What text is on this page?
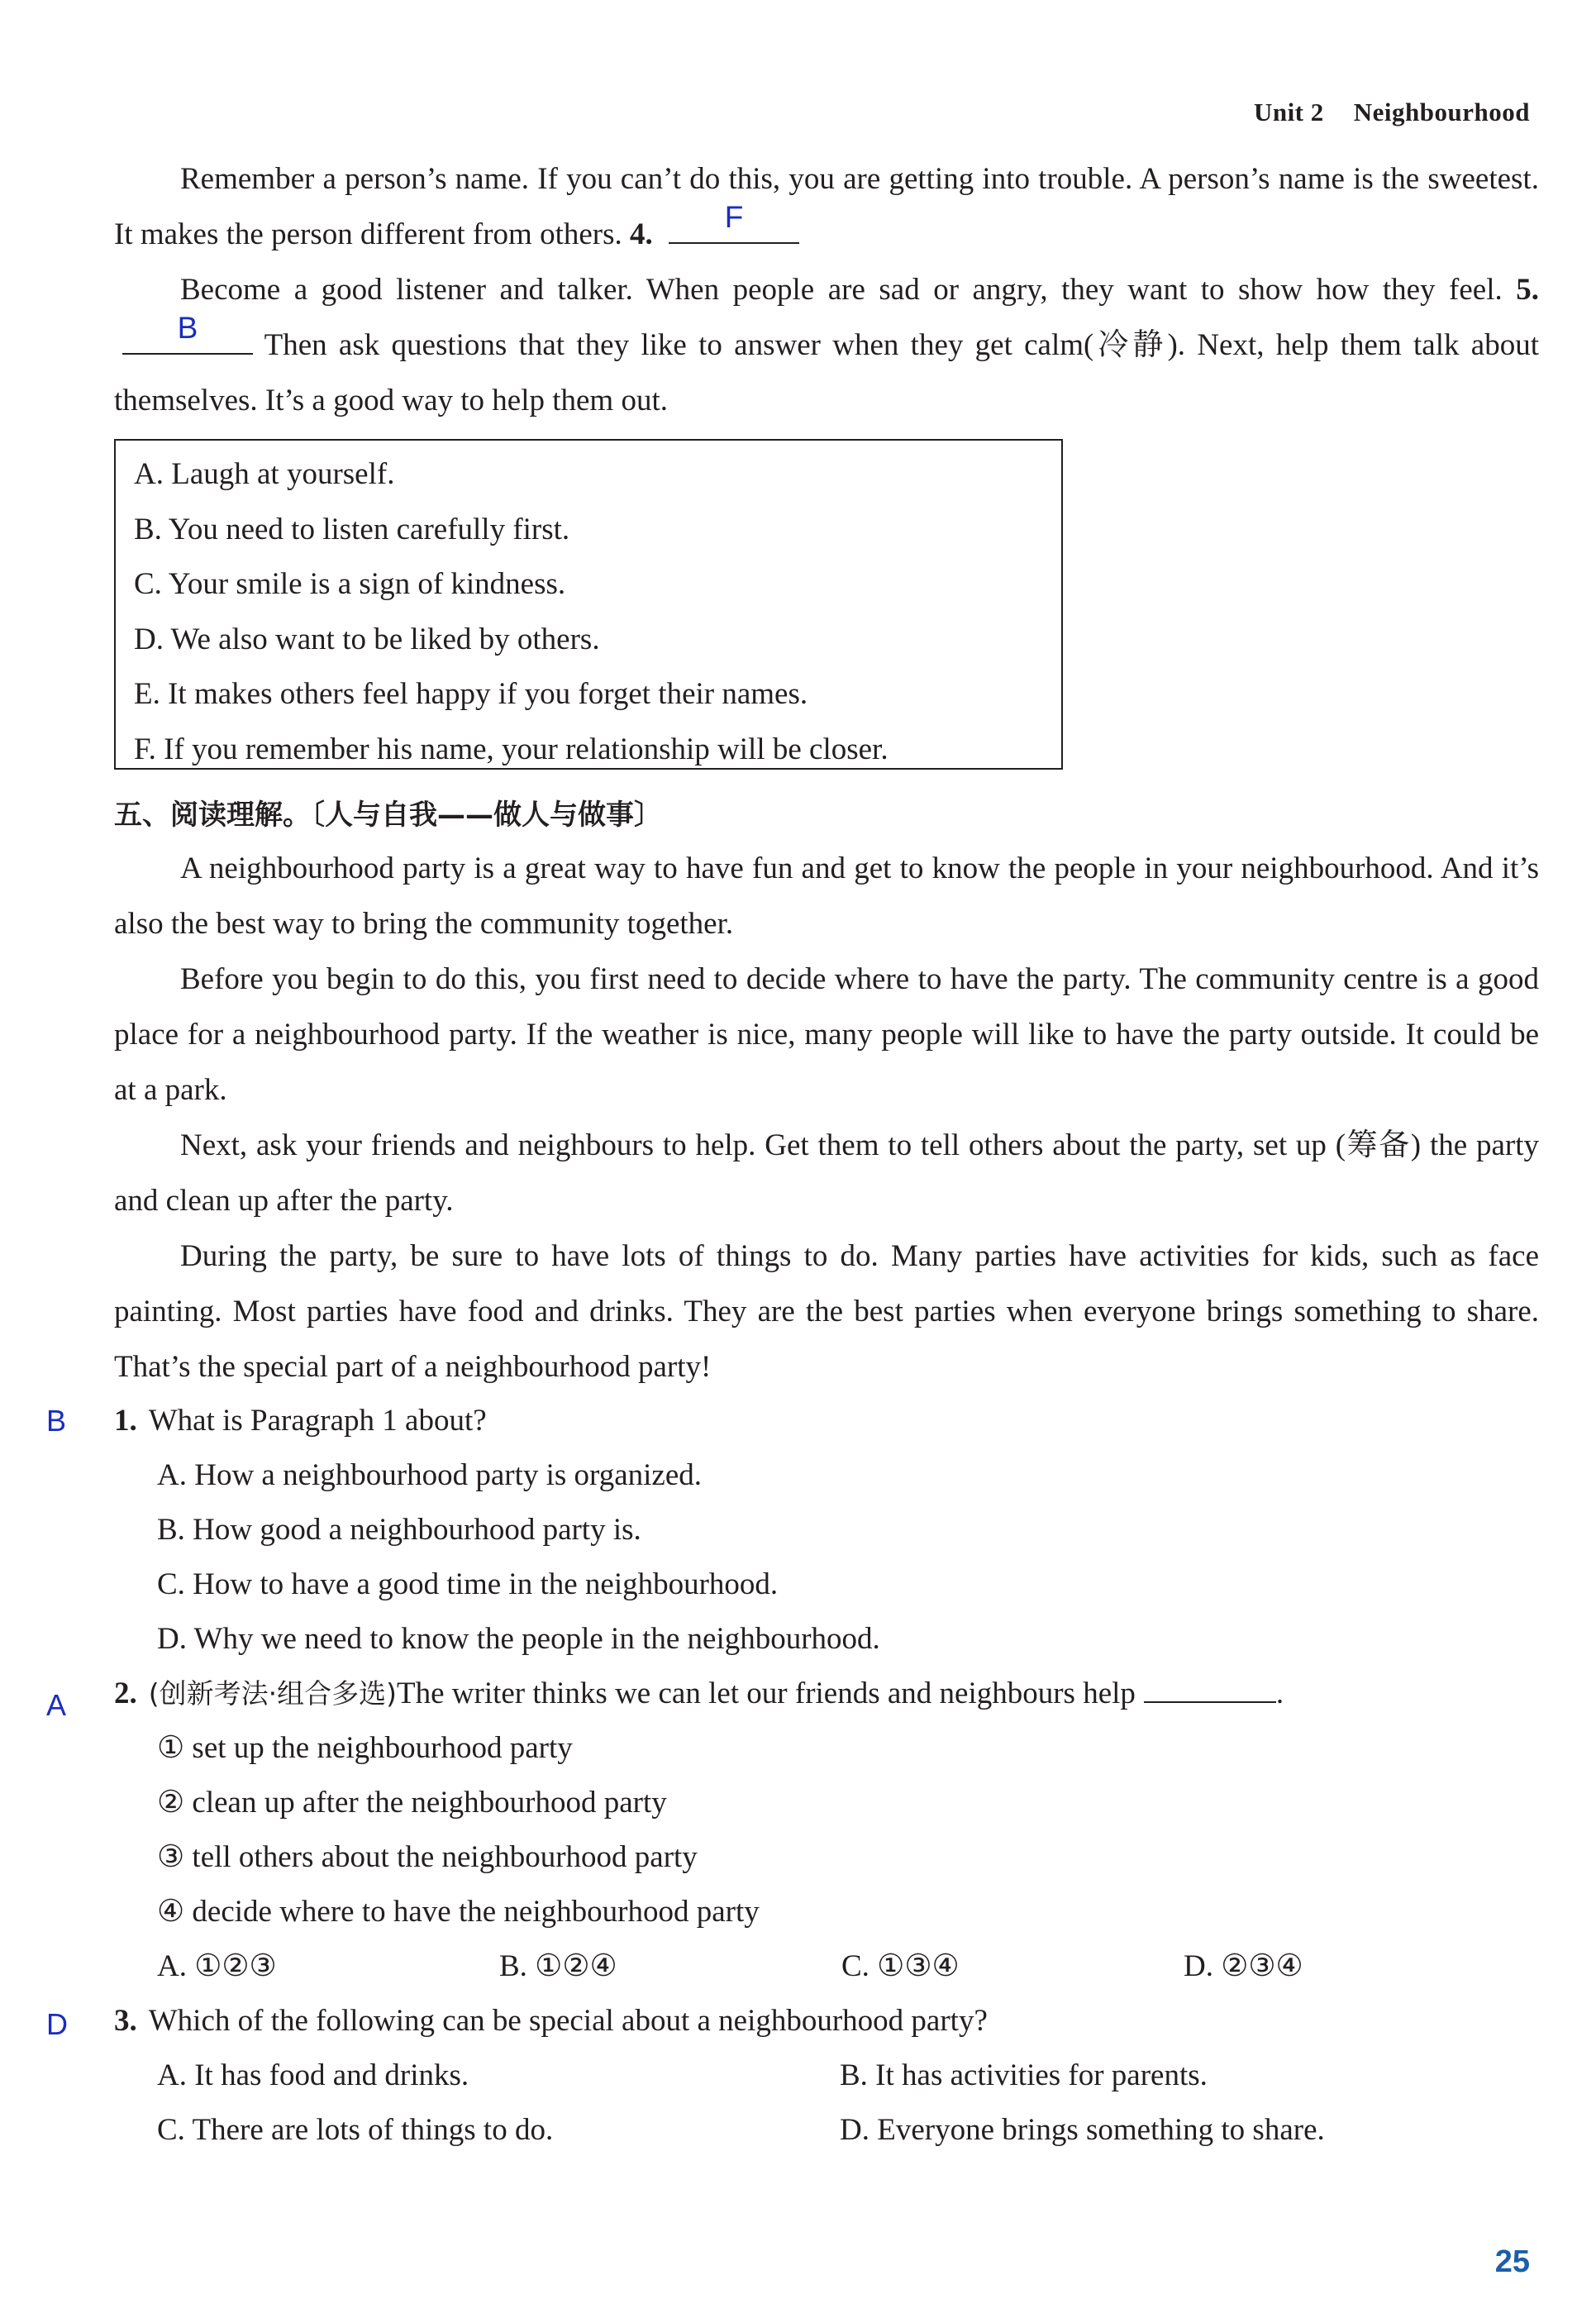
Unit 2 Neighbourhood
Remember a person’s name. If you can’t do this, you are getting into trouble. A person’s name is the sweetest. It makes the person different from others. 4.
F
Become a good listener and talker. When people are sad or angry, they want to show how they feel. 5.
B
Then ask questions that they like to answer when they get calm(冷静). Next, help them talk about themselves. It’s a good way to help them out.
A. Laugh at yourself.
B. You need to listen carefully first.
C. Your smile is a sign of kindness.
D. We also want to be liked by others.
E. It makes others feel happy if you forget their names.
F. If you remember his name, your relationship will be closer.
五、阅读理解。〔人与自我——做人与做事〕
A neighbourhood party is a great way to have fun and get to know the people in your neighbourhood. And it’s also the best way to bring the community together.
Before you begin to do this, you first need to decide where to have the party. The community centre is a good place for a neighbourhood party. If the weather is nice, many people will like to have the party outside. It could be at a park.
Next, ask your friends and neighbours to help. Get them to tell others about the party, set up (筹备) the party and clean up after the party.
During the party, be sure to have lots of things to do. Many parties have activities for kids, such as face painting. Most parties have food and drinks. They are the best parties when everyone brings something to share. That’s the special part of a neighbourhood party!
B 1. What is Paragraph 1 about?
A. How a neighbourhood party is organized.
B. How good a neighbourhood party is.
C. How to have a good time in the neighbourhood.
D. Why we need to know the people in the neighbourhood.
A 2. (创新考法·组合多选)The writer thinks we can let our friends and neighbours help	.
① set up the neighbourhood party
② clean up after the neighbourhood party
③ tell others about the neighbourhood party
④ decide where to have the neighbourhood party
A. ①②③	B. ①②④	C. ①③④	D. ②③④
D 3. Which of the following can be special about a neighbourhood party?
A. It has food and drinks.	B. It has activities for parents.
C. There are lots of things to do.	D. Everyone brings something to share.
25
